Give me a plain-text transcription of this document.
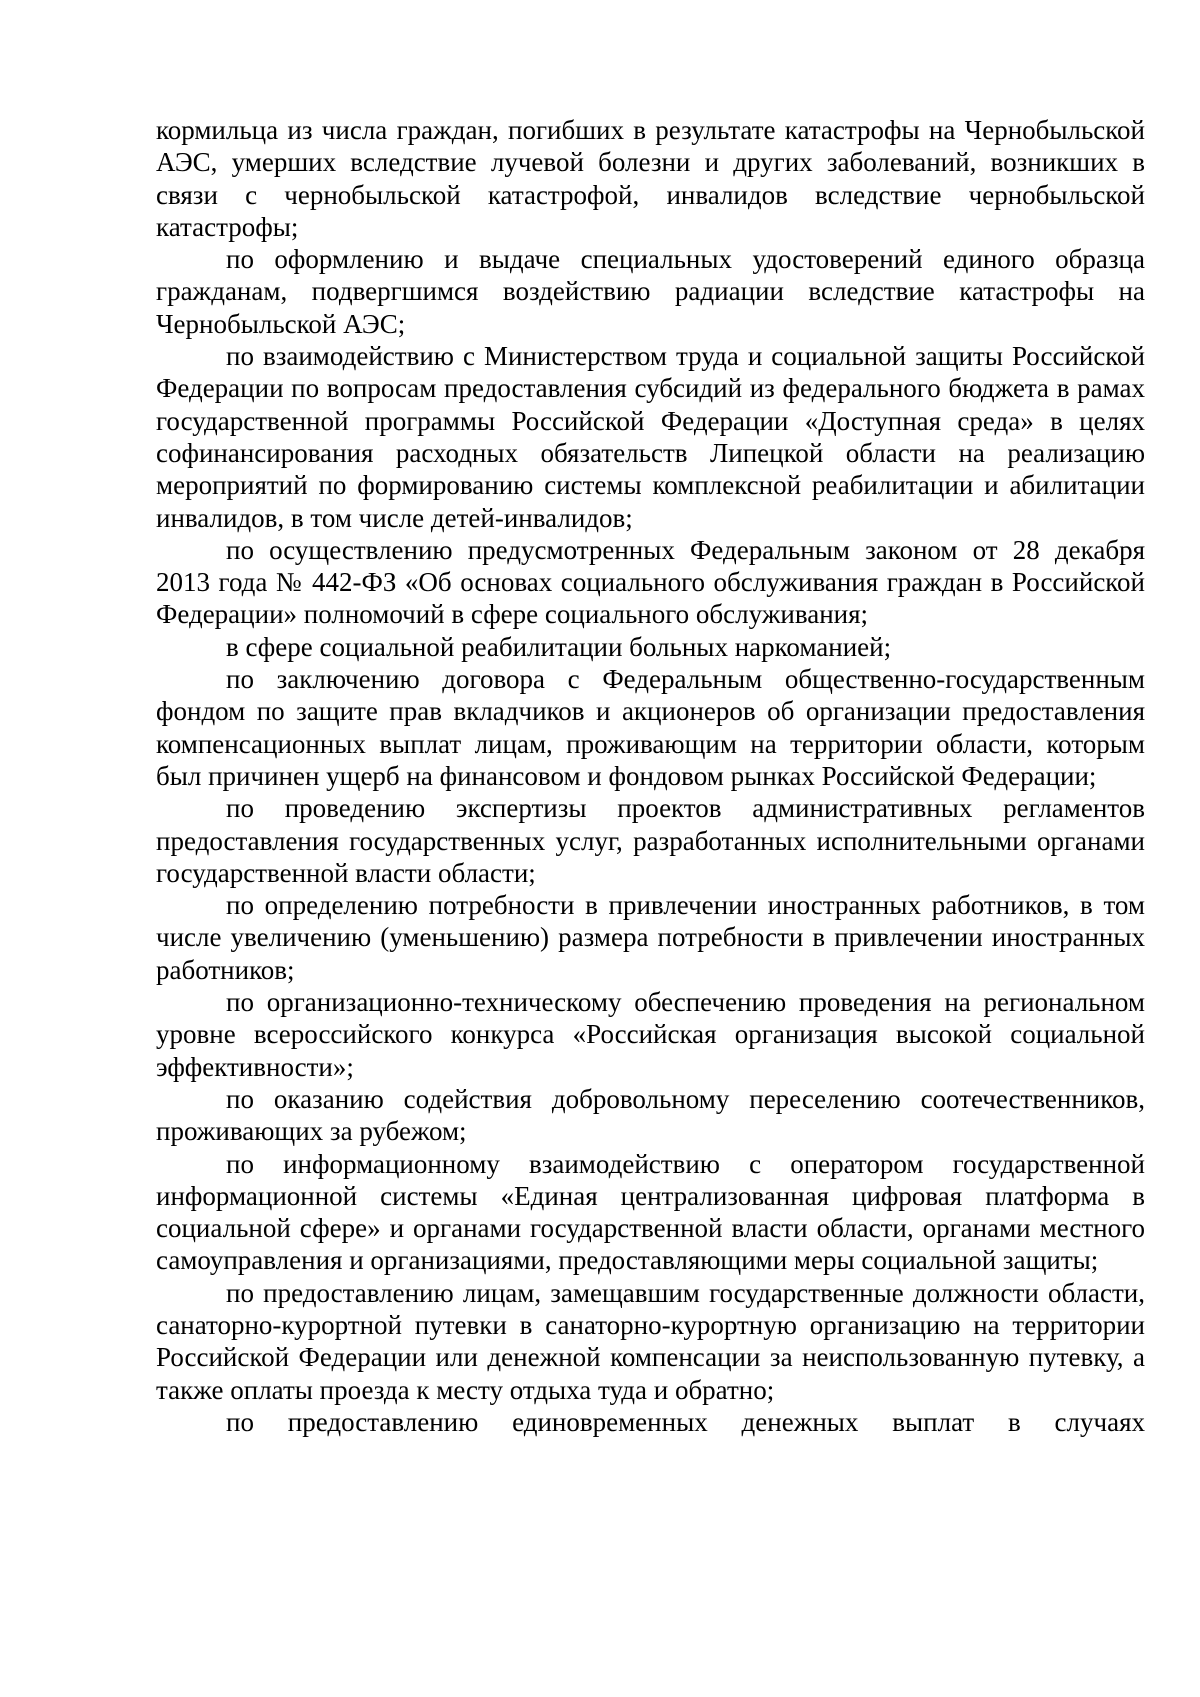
кормильца из числа граждан, погибших в результате катастрофы на Чернобыльской АЭС, умерших вследствие лучевой болезни и других заболеваний, возникших в связи с чернобыльской катастрофой, инвалидов вследствие чернобыльской катастрофы;

по оформлению и выдаче специальных удостоверений единого образца гражданам, подвергшимся воздействию радиации вследствие катастрофы на Чернобыльской АЭС;

по взаимодействию с Министерством труда и социальной защиты Российской Федерации по вопросам предоставления субсидий из федерального бюджета в рамах государственной программы Российской Федерации «Доступная среда» в целях софинансирования расходных обязательств Липецкой области на реализацию мероприятий по формированию системы комплексной реабилитации и абилитации инвалидов, в том числе детей-инвалидов;

по осуществлению предусмотренных Федеральным законом от 28 декабря 2013 года № 442-ФЗ «Об основах социального обслуживания граждан в Российской Федерации» полномочий в сфере социального обслуживания;

в сфере социальной реабилитации больных наркоманией;

по заключению договора с Федеральным общественно-государственным фондом по защите прав вкладчиков и акционеров об организации предоставления компенсационных выплат лицам, проживающим на территории области, которым был причинен ущерб на финансовом и фондовом рынках Российской Федерации;

по проведению экспертизы проектов административных регламентов предоставления государственных услуг, разработанных исполнительными органами государственной власти области;

по определению потребности в привлечении иностранных работников, в том числе увеличению (уменьшению) размера потребности в привлечении иностранных работников;

по организационно-техническому обеспечению проведения на региональном уровне всероссийского конкурса «Российская организация высокой социальной эффективности»;

по оказанию содействия добровольному переселению соотечественников, проживающих за рубежом;

по информационному взаимодействию с оператором государственной информационной системы «Единая централизованная цифровая платформа в социальной сфере» и органами государственной власти области, органами местного самоуправления и организациями, предоставляющими меры социальной защиты;

по предоставлению лицам, замещавшим государственные должности области, санаторно-курортной путевки в санаторно-курортную организацию на территории Российской Федерации или денежной компенсации за неиспользованную путевку, а также оплаты проезда к месту отдыха туда и обратно;

по предоставлению единовременных денежных выплат в случаях
